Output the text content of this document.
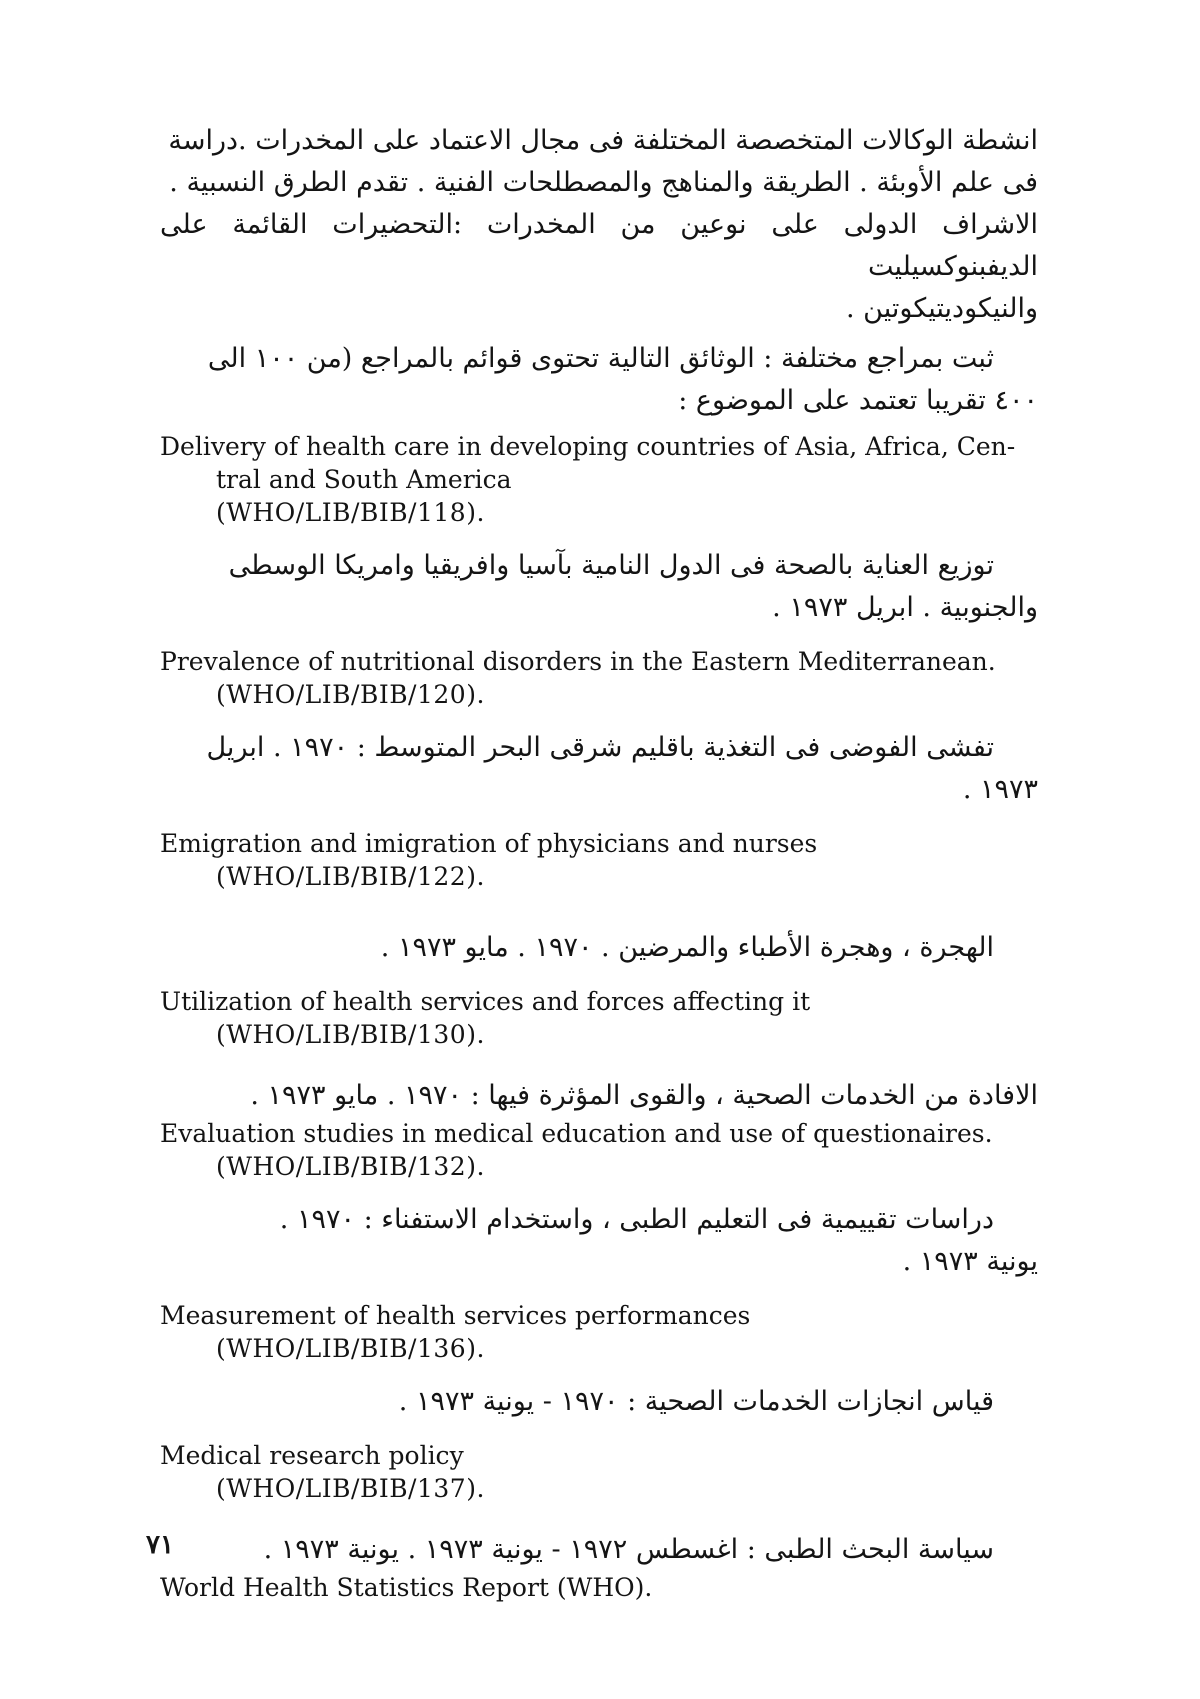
انشطة الوكالات المتخصصة المختلفة فى مجال الاعتماد على المخدرات .دراسة
فى علم الأوبئة . الطريقة والمناهج والمصطلحات الفنية . تقدم الطرق النسبية .
الاشراف الدولى على نوعين من المخدرات :التحضيرات القائمة على الديفبنوكسيليت
والنيكوديتيكوتين .

ثبت بمراجع مختلفة : الوثائق التالية تحتوى قوائم بالمراجع (من ١٠٠ الى
٤٠٠ تقريبا تعتمد على الموضوع :

Delivery of health care in developing countries of Asia, Africa, Cen-
tral and South America

(WHO/LIB/BIB/118).

توزيع العناية بالصحة فى الدول النامية بآسيا وافريقيا وامريكا الوسطى
والجنوبية . ابريل ١٩٧٣ .

Prevalence of nutritional disorders in the Eastern Mediterranean.

(WHO/LIB/BIB/120).

تفشى الفوضى فى التغذية باقليم شرقى البحر المتوسط : ١٩٧٠ . ابريل
١٩٧٣ .

Emigration and imigration of physicians and nurses

(WHO/LIB/BIB/122).

الهجرة ، وهجرة الأطباء والمرضين . ١٩٧٠ . مايو ١٩٧٣ .

Utilization of health services and forces affecting it

(WHO/LIB/BIB/130).

الافادة من الخدمات الصحية ، والقوى المؤثرة فيها : ١٩٧٠ . مايو ١٩٧٣ .

Evaluation studies in medical education and use of questionaires.

(WHO/LIB/BIB/132).

دراسات تقييمية فى التعليم الطبى ، واستخدام الاستفناء : ١٩٧٠ .
يونية ١٩٧٣ .

Measurement of health services performances

(WHO/LIB/BIB/136).

قياس انجازات الخدمات الصحية : ١٩٧٠ - يونية ١٩٧٣ .

Medical research policy

(WHO/LIB/BIB/137).

سياسة البحث الطبى : اغسطس ١٩٧٢ - يونية ١٩٧٣ . يونية ١٩٧٣ .

World Health Statistics Report (WHO).

٧١
